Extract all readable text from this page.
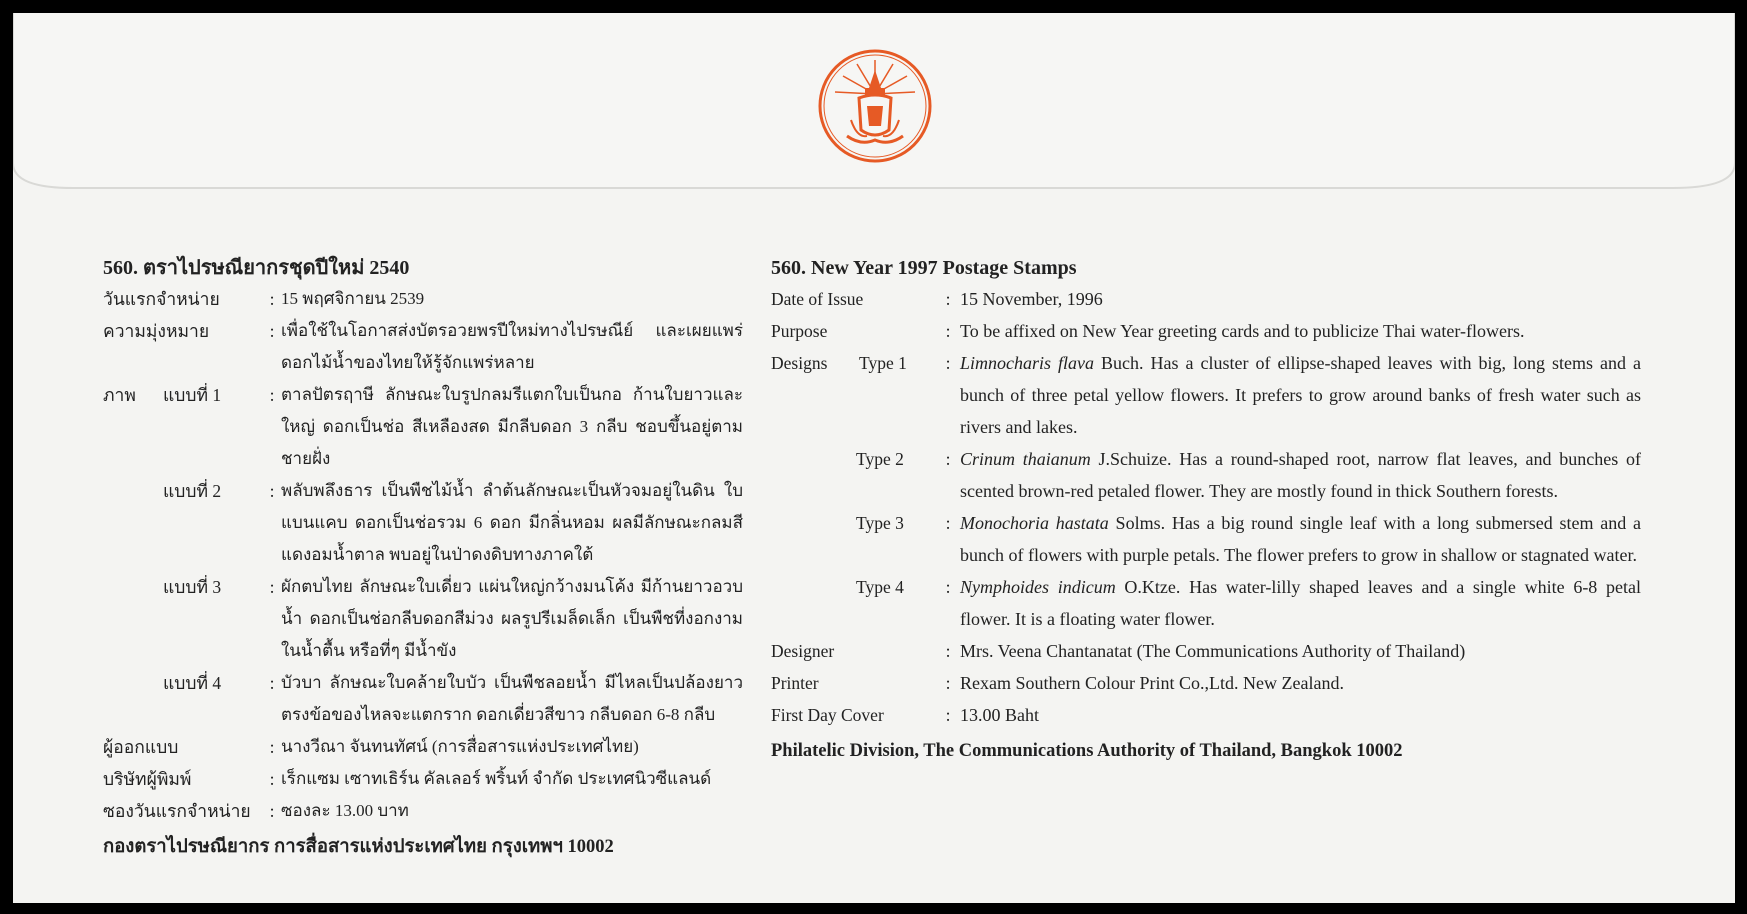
560. ตราไปรษณียากรชุดปีใหม่ 2540
วันแรกจำหน่าย	: 15 พฤศจิกายน 2539
ความมุ่งหมาย	: เพื่อใช้ในโอกาสส่งบัตรอวยพรปีใหม่ทางไปรษณีย์ และเผยแพร่ดอกไม้น้ำของไทยให้รู้จักแพร่หลาย
ภาพ แบบที่ 1	: ตาลปัตรฤาษี ลักษณะใบรูปกลมรีแตกใบเป็นกอ ก้านใบยาวและใหญ่ ดอกเป็นช่อ สีเหลืองสด มีกลีบดอก 3 กลีบ ชอบขึ้นอยู่ตามชายฝั่ง
แบบที่ 2	: พลับพลึงธาร เป็นพืชไม้น้ำ ลำต้นลักษณะเป็นหัวจมอยู่ในดิน ใบแบนแคบ ดอกเป็นช่อรวม 6 ดอก มีกลิ่นหอม ผลมีลักษณะกลมสีแดงอมน้ำตาล พบอยู่ในป่าดงดิบทางภาคใต้
แบบที่ 3	: ผักตบไทย ลักษณะใบเดี่ยว แผ่นใหญ่กว้างมนโค้ง มีก้านยาวอวบน้ำ ดอกเป็นช่อกลีบดอกสีม่วง ผลรูปรีเมล็ดเล็ก เป็นพืชที่งอกงามในน้ำตื้น หรือที่ๆ มีน้ำขัง
แบบที่ 4	: บัวบา ลักษณะใบคล้ายใบบัว เป็นพืชลอยน้ำ มีไหลเป็นปล้องยาว ตรงข้อของไหลจะแตกราก ดอกเดี่ยวสีขาว กลีบดอก 6-8 กลีบ
ผู้ออกแบบ	: นางวีณา จันทนทัศน์ (การสื่อสารแห่งประเทศไทย)
บริษัทผู้พิมพ์	: เร็กแซม เซาทเธิร์น คัลเลอร์ พริ้นท์ จำกัด ประเทศนิวซีแลนด์
ซองวันแรกจำหน่าย	: ซองละ 13.00 บาท
กองตราไปรษณียากร การสื่อสารแห่งประเทศไทย กรุงเทพฯ 10002
560. New Year 1997 Postage Stamps
Date of Issue	: 15 November, 1996
Purpose	: To be affixed on New Year greeting cards and to publicize Thai water-flowers.
Designs Type 1	: Limnocharis flava Buch. Has a cluster of ellipse-shaped leaves with big, long stems and a bunch of three petal yellow flowers. It prefers to grow around banks of fresh water such as rivers and lakes.
Type 2	: Crinum thaianum J.Schuize. Has a round-shaped root, narrow flat leaves, and bunches of scented brown-red petaled flower. They are mostly found in thick Southern forests.
Type 3	: Monochoria hastata Solms. Has a big round single leaf with a long submersed stem and a bunch of flowers with purple petals. The flower prefers to grow in shallow or stagnated water.
Type 4	: Nymphoides indicum O.Ktze. Has water-lilly shaped leaves and a single white 6-8 petal flower. It is a floating water flower.
Designer	: Mrs. Veena Chantanatat (The Communications Authority of Thailand)
Printer	: Rexam Southern Colour Print Co.,Ltd. New Zealand.
First Day Cover	: 13.00 Baht
Philatelic Division, The Communications Authority of Thailand, Bangkok 10002
